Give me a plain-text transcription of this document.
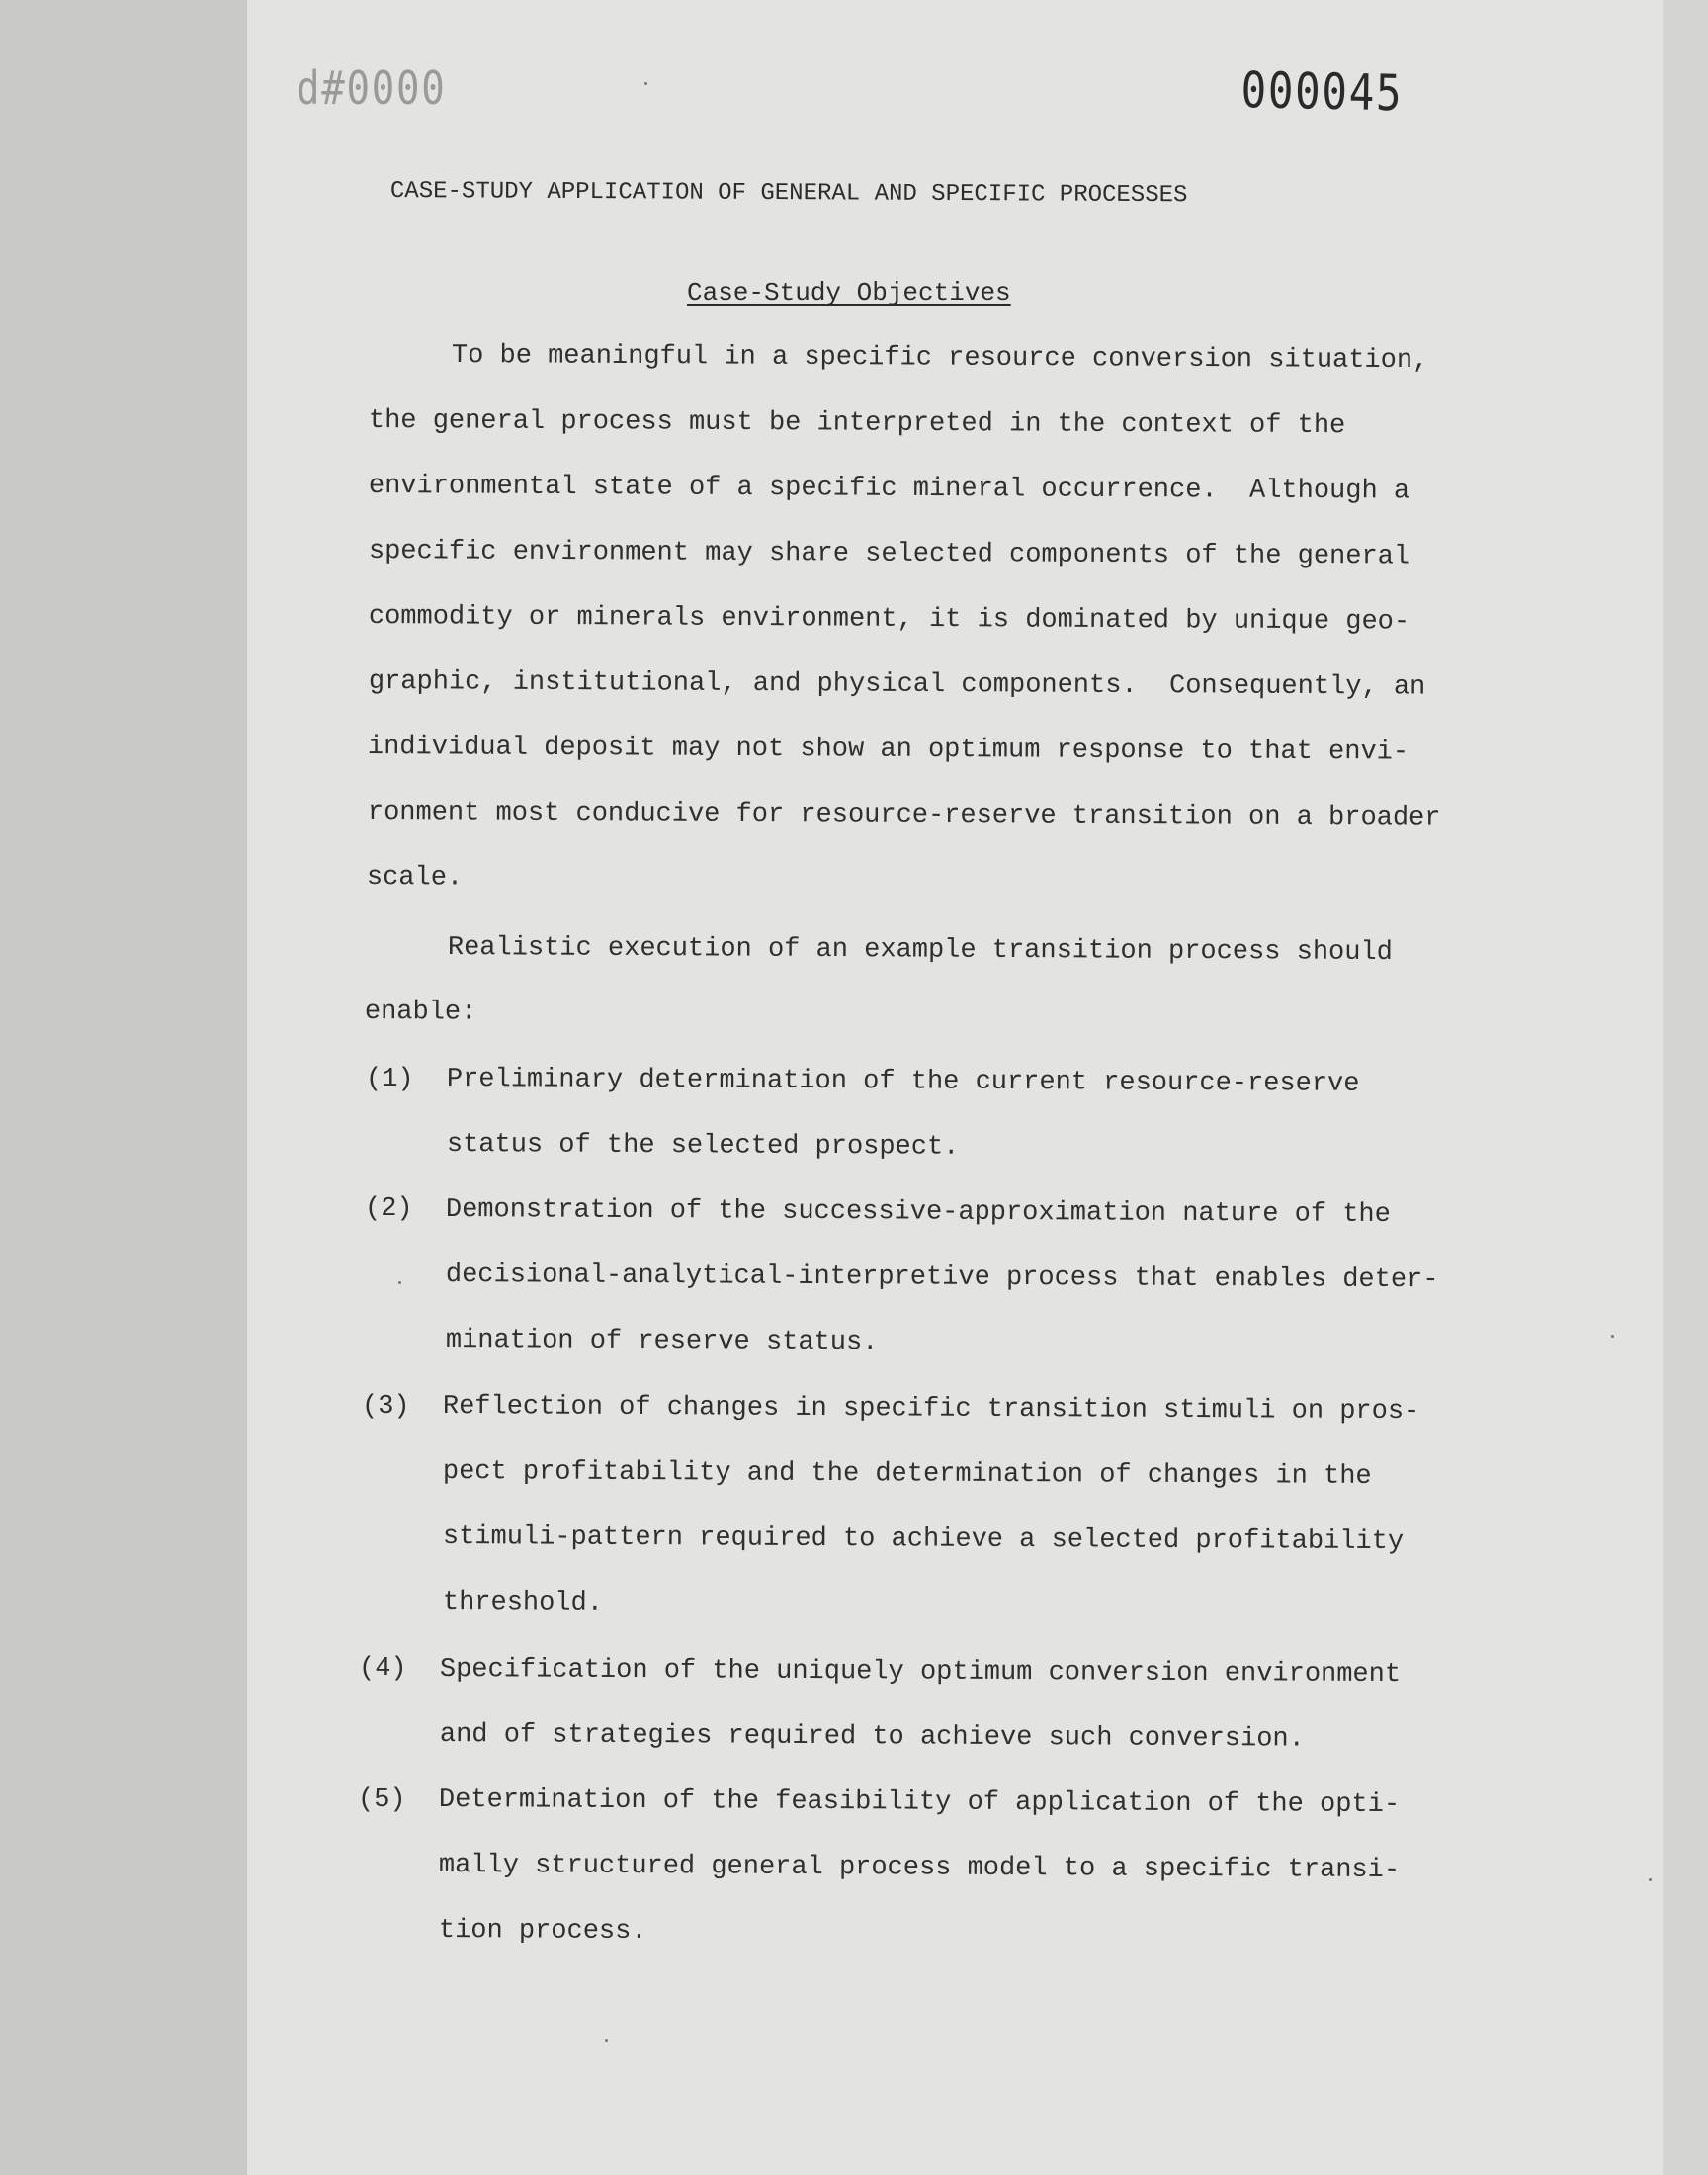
d#0000	000045
CASE-STUDY APPLICATION OF GENERAL AND SPECIFIC PROCESSES
Case-Study Objectives
To be meaningful in a specific resource conversion situation,
the general process must be interpreted in the context of the
environmental state of a specific mineral occurrence.  Although a
specific environment may share selected components of the general
commodity or minerals environment, it is dominated by unique geo-
graphic, institutional, and physical components.  Consequently, an
individual deposit may not show an optimum response to that envi-
ronment most conducive for resource-reserve transition on a broader
scale.
Realistic execution of an example transition process should
enable:
(1) Preliminary determination of the current resource-reserve
status of the selected prospect.
(2) Demonstration of the successive-approximation nature of the
decisional-analytical-interpretive process that enables deter-
mination of reserve status.
(3) Reflection of changes in specific transition stimuli on pros-
pect profitability and the determination of changes in the
stimuli-pattern required to achieve a selected profitability
threshold.
(4) Specification of the uniquely optimum conversion environment
and of strategies required to achieve such conversion.
(5) Determination of the feasibility of application of the opti-
mally structured general process model to a specific transi-
tion process.
